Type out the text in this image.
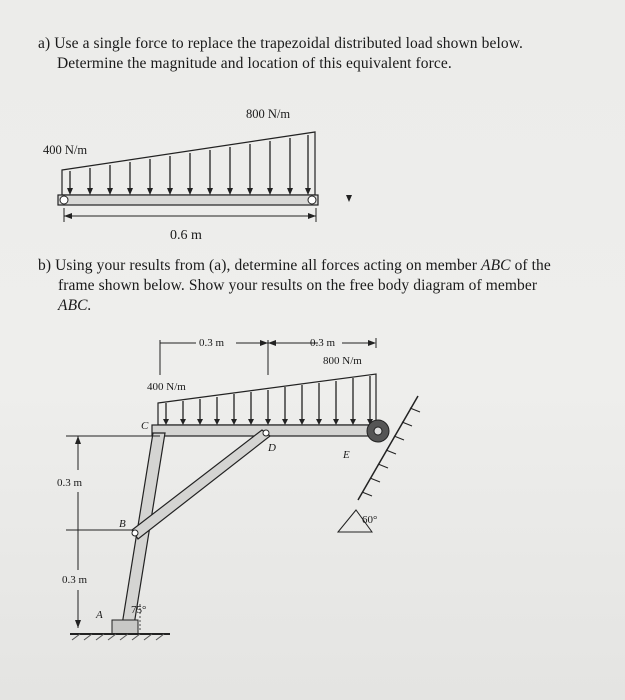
a) Use a single force to replace the trapezoidal distributed load shown below.
Determine the magnitude and location of this equivalent force.
800 N/m
400 N/m
0.6 m
b) Using your results from (a), determine all forces acting on member ABC of the
frame shown below. Show your results on the free body diagram of member
ABC.
0.3 m	0.3 m
800 N/m
400 N/m
C
D
E
B
A
0.3 m
0.3 m
60°
75°
